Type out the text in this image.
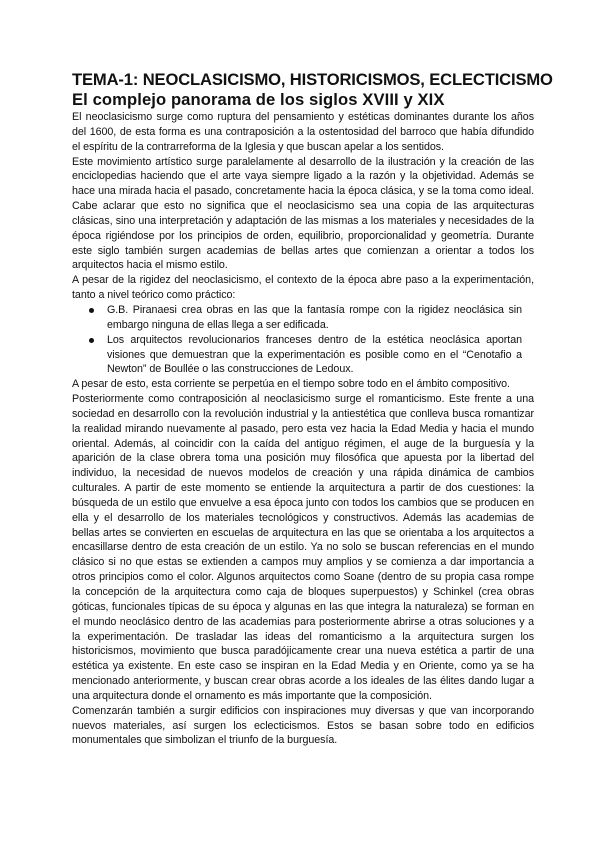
TEMA-1: NEOCLASICISMO, HISTORICISMOS, ECLECTICISMO
El complejo panorama de los siglos XVIII y XIX

El neoclasicismo surge como ruptura del pensamiento y estéticas dominantes durante los años del 1600, de esta forma es una contraposición a la ostentosidad del barroco que había difundido el espíritu de la contrarreforma de la Iglesia y que buscan apelar a los sentidos.

Este movimiento artístico surge paralelamente al desarrollo de la ilustración y la creación de las enciclopedias haciendo que el arte vaya siempre ligado a la razón y la objetividad. Además se hace una mirada hacia el pasado, concretamente hacia la época clásica, y se la toma como ideal. Cabe aclarar que esto no significa que el neoclasicismo sea una copia de las arquitecturas clásicas, sino una interpretación y adaptación de las mismas a los materiales y necesidades de la época rigiéndose por los principios de orden, equilibrio, proporcionalidad y geometría. Durante este siglo también surgen academias de bellas artes que comienzan a orientar a todos los arquitectos hacia el mismo estilo.

A pesar de la rigidez del neoclasicismo, el contexto de la época abre paso a la experimentación, tanto a nivel teórico como práctico:

G.B. Piranaesi crea obras en las que la fantasía rompe con la rigidez neoclásica sin embargo ninguna de ellas llega a ser edificada.
Los arquitectos revolucionarios franceses dentro de la estética neoclásica aportan visiones que demuestran que la experimentación es posible como en el “Cenotafio a Newton” de Boullée o las construcciones de Ledoux.

A pesar de esto, esta corriente se perpetúa en el tiempo sobre todo en el ámbito compositivo.

Posteriormente como contraposición al neoclasicismo surge el romanticismo. Este frente a una sociedad en desarrollo con la revolución industrial y la antiestética que conlleva busca romantizar la realidad mirando nuevamente al pasado, pero esta vez hacia la Edad Media y hacia el mundo oriental. Además, al coincidir con la caída del antiguo régimen, el auge de la burguesía y la aparición de la clase obrera toma una posición muy filosófica que apuesta por la libertad del individuo, la necesidad de nuevos modelos de creación y una rápida dinámica de cambios culturales. A partir de este momento se entiende la arquitectura a partir de dos cuestiones: la búsqueda de un estilo que envuelve a esa época junto con todos los cambios que se producen en ella y el desarrollo de los materiales tecnológicos y constructivos. Además las academias de bellas artes se convierten en escuelas de arquitectura en las que se orientaba a los arquitectos a encasillarse dentro de esta creación de un estilo. Ya no solo se buscan referencias en el mundo clásico si no que estas se extienden a campos muy amplios y se comienza a dar importancia a otros principios como el color. Algunos arquitectos como Soane (dentro de su propia casa rompe la concepción de la arquitectura como caja de bloques superpuestos) y Schinkel (crea obras góticas, funcionales típicas de su época y algunas en las que integra la naturaleza) se forman en el mundo neoclásico dentro de las academias para posteriormente abrirse a otras soluciones y a la experimentación. De trasladar las ideas del romanticismo a la arquitectura surgen los historicismos, movimiento que busca paradójicamente crear una nueva estética a partir de una estética ya existente. En este caso se inspiran en la Edad Media y en Oriente, como ya se ha mencionado anteriormente, y buscan crear obras acorde a los ideales de las élites dando lugar a una arquitectura donde el ornamento es más importante que la composición.

Comenzarán también a surgir edificios con inspiraciones muy diversas y que van incorporando nuevos materiales, así surgen los eclecticismos. Estos se basan sobre todo en edificios monumentales que simbolizan el triunfo de la burguesía.
